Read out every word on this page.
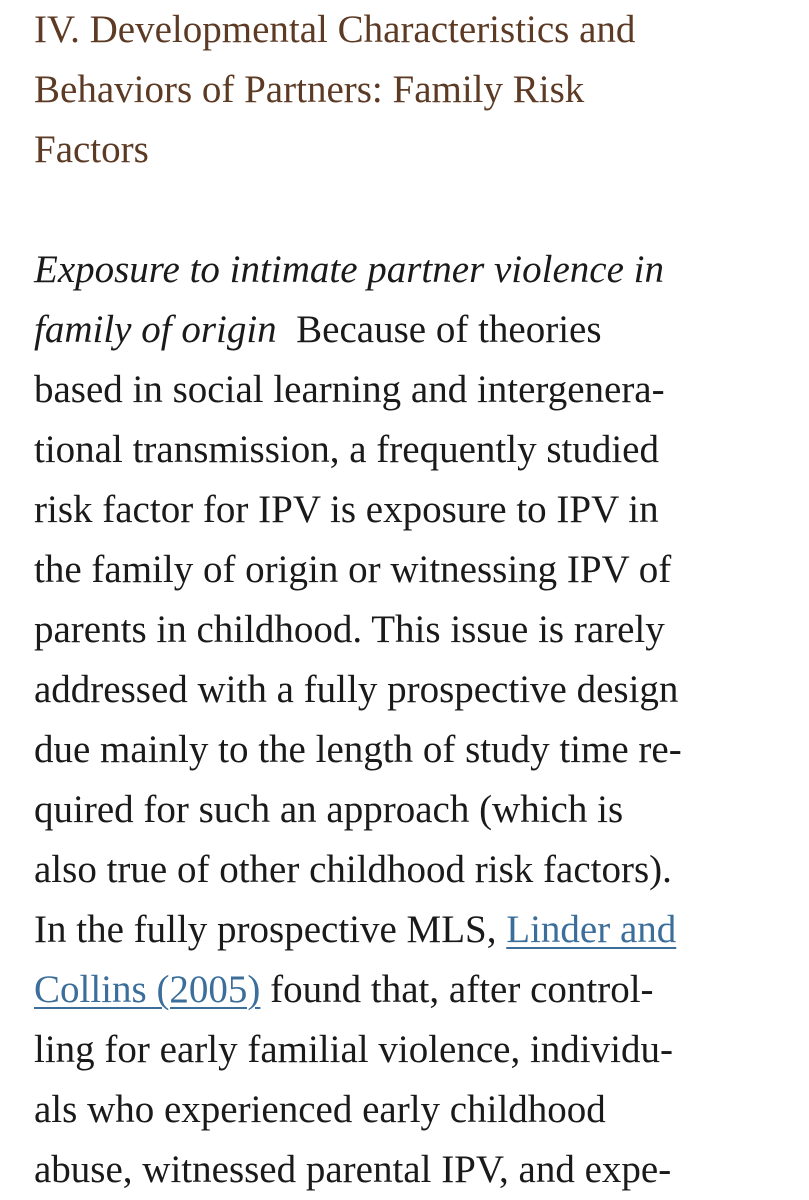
IV. Developmental Characteristics and
Behaviors of Partners: Family Risk
Factors
Exposure to intimate partner violence in
family of origin Because of theories
based in social learning and intergenera-
tional transmission, a frequently studied
risk factor for IPV is exposure to IPV in
the family of origin or witnessing IPV of
parents in childhood. This issue is rarely
addressed with a fully prospective design
due mainly to the length of study time re-
quired for such an approach (which is
also true of other childhood risk factors).
In the fully prospective MLS, Linder and
Collins (2005) found that, after control-
ling for early familial violence, individu-
als who experienced early childhood
abuse, witnessed parental IPV, and expe-
